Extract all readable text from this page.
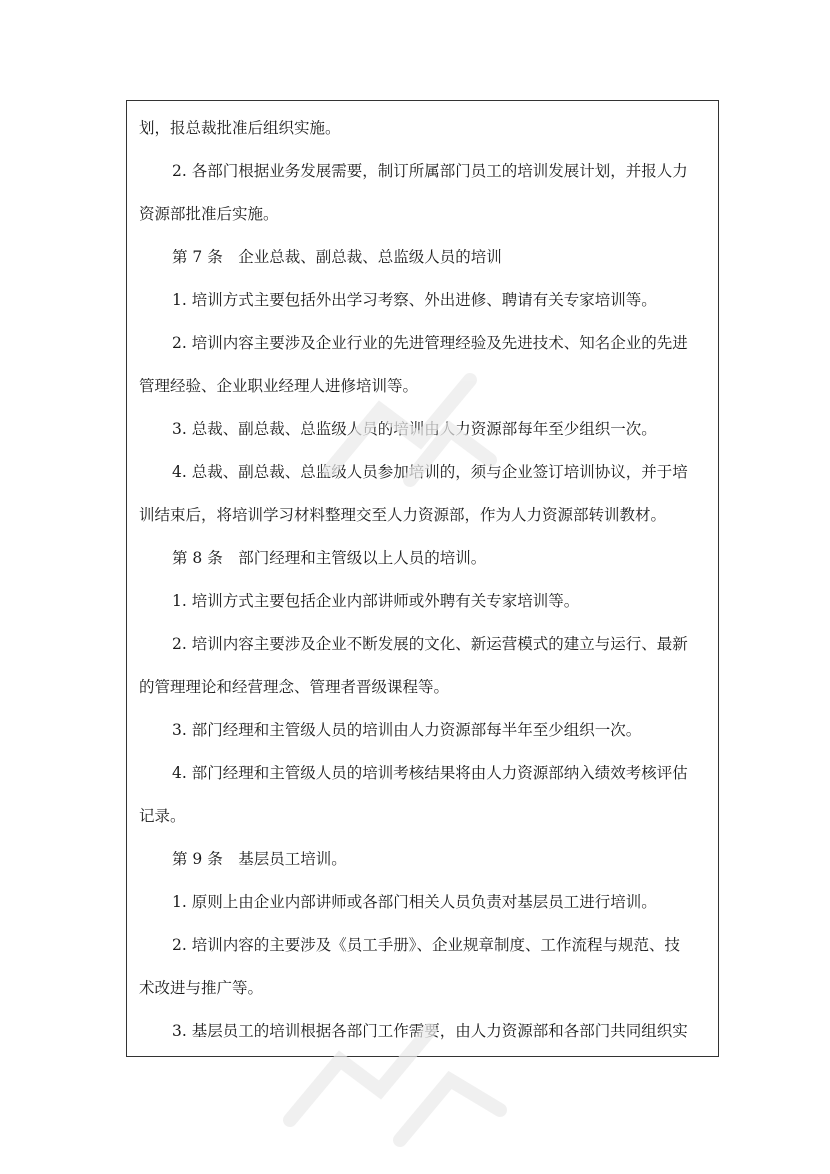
划，报总裁批准后组织实施。

2. 各部门根据业务发展需要，制订所属部门员工的培训发展计划，并报人力
资源部批准后实施。

第 7 条　企业总裁、副总裁、总监级人员的培训

1. 培训方式主要包括外出学习考察、外出进修、聘请有关专家培训等。

2. 培训内容主要涉及企业行业的先进管理经验及先进技术、知名企业的先进
管理经验、企业职业经理人进修培训等。

3. 总裁、副总裁、总监级人员的培训由人力资源部每年至少组织一次。

4. 总裁、副总裁、总监级人员参加培训的，须与企业签订培训协议，并于培
训结束后，将培训学习材料整理交至人力资源部，作为人力资源部转训教材。

第 8 条　部门经理和主管级以上人员的培训。

1. 培训方式主要包括企业内部讲师或外聘有关专家培训等。

2. 培训内容主要涉及企业不断发展的文化、新运营模式的建立与运行、最新
的管理理论和经营理念、管理者晋级课程等。

3. 部门经理和主管级人员的培训由人力资源部每半年至少组织一次。

4. 部门经理和主管级人员的培训考核结果将由人力资源部纳入绩效考核评估
记录。

第 9 条　基层员工培训。

1. 原则上由企业内部讲师或各部门相关人员负责对基层员工进行培训。

2. 培训内容的主要涉及《员工手册》、企业规章制度、工作流程与规范、技
术改进与推广等。

3. 基层员工的培训根据各部门工作需要，由人力资源部和各部门共同组织实
